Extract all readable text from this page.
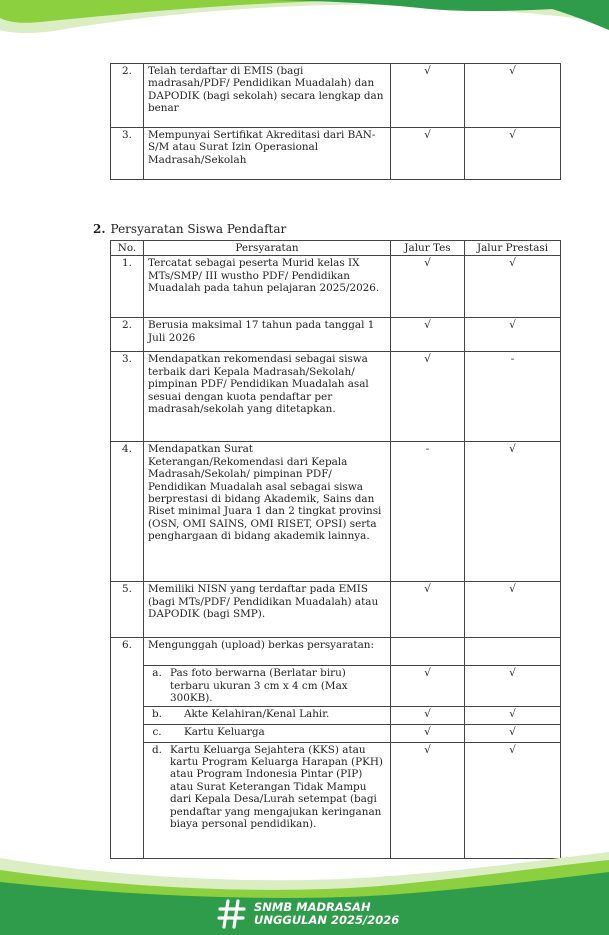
2.	Telah terdaftar di EMIS (bagi madrasah/PDF/ Pendidikan Muadalah) dan DAPODIK (bagi sekolah) secara lengkap dan benar	√	√
3.	Mempunyai Sertifikat Akreditasi dari BAN- S/M atau Surat Izin Operasional Madrasah/Sekolah	√	√
2. Persyaratan Siswa Pendaftar
No.	Persyaratan	Jalur Tes	Jalur Prestasi
1.	Tercatat sebagai peserta Murid kelas IX MTs/SMP/ III wustho PDF/ Pendidikan Muadalah pada tahun pelajaran 2025/2026.	√	√
2.	Berusia maksimal 17 tahun pada tanggal 1 Juli 2026	√	√
3.	Mendapatkan rekomendasi sebagai siswa terbaik dari Kepala Madrasah/Sekolah/ pimpinan PDF/ Pendidikan Muadalah asal sesuai dengan kuota pendaftar per madrasah/sekolah yang ditetapkan.	√	-
4.	Mendapatkan Surat Keterangan/Rekomendasi dari Kepala Madrasah/Sekolah/ pimpinan PDF/ Pendidikan Muadalah asal sebagai siswa berprestasi di bidang Akademik, Sains dan Riset minimal Juara 1 dan 2 tingkat provinsi (OSN, OMI SAINS, OMI RISET, OPSI) serta penghargaan di bidang akademik lainnya.	-	√
5.	Memiliki NISN yang terdaftar pada EMIS (bagi MTs/PDF/ Pendidikan Muadalah) atau DAPODIK (bagi SMP).	√	√
6.	Mengunggah (upload) berkas persyaratan:		

	a. Pas foto berwarna (Berlatar biru) terbaru ukuran 3 cm x 4 cm (Max 300KB).	√	√

	b. Akte Kelahiran/Kenal Lahir.	√	√

	c. Kartu Keluarga	√	√

	d. Kartu Keluarga Sejahtera (KKS) atau kartu Program Keluarga Harapan (PKH) atau Program Indonesia Pintar (PIP) atau Surat Keterangan Tidak Mampu dari Kepala Desa/Lurah setempat (bagi pendaftar yang mengajukan keringanan biaya personal pendidikan).	√	√
SNMB MADRASAH
UNGGULAN 2025/2026
